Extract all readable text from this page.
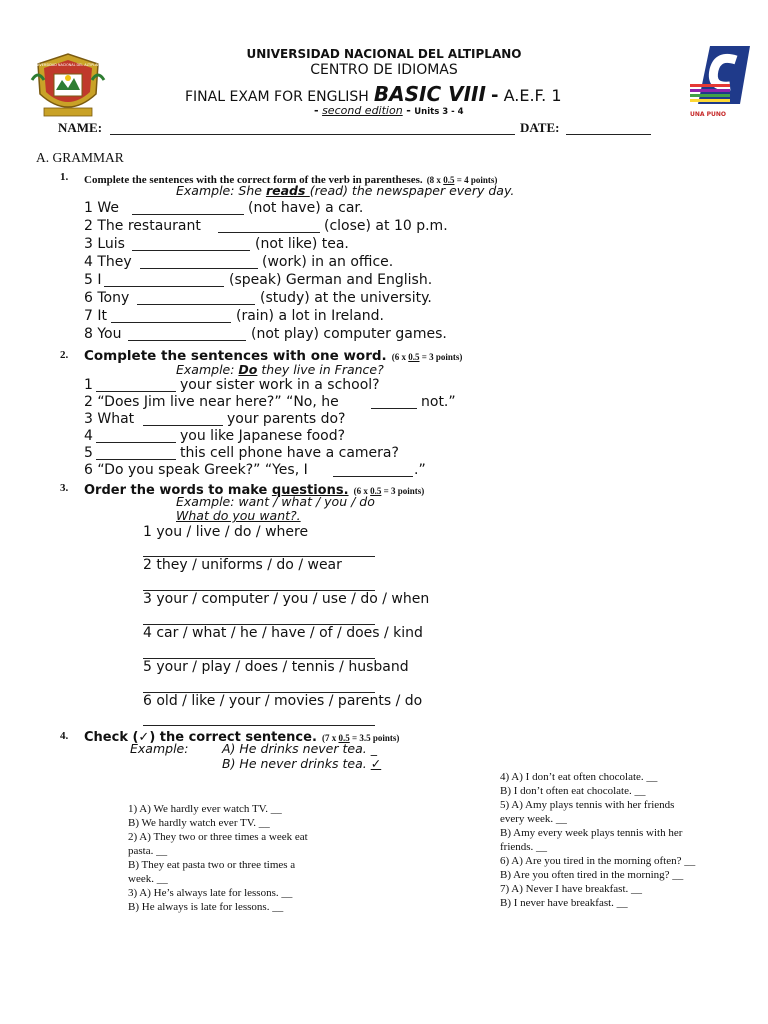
UNIVERSIDAD NACIONAL DEL ALTIPLANO
UNA PUNO
UNIVERSIDAD NACIONAL DEL ALTIPLANO
CENTRO DE IDIOMAS
FINAL EXAM FOR ENGLISH BASIC VIII - A.E.F. 1
- second edition - Units 3 - 4
NAME:	DATE:
A. GRAMMAR
1. Complete the sentences with the correct form of the verb in parentheses. (8 x 0.5 = 4 points)
Example: She reads (read) the newspaper every day.
1 We	(not have) a car.
2 The restaurant	(close) at 10 p.m.
3 Luis	(not like) tea.
4 They	(work) in an office.
5 I	(speak) German and English.
6 Tony	(study) at the university.
7 It	(rain) a lot in Ireland.
8 You	(not play) computer games.
2. Complete the sentences with one word. (6 x 0.5 = 3 points)
Example: Do they live in France?
1	your sister work in a school?
2 “Does Jim live near here?” “No, he	not.”
3 What	your parents do?
4	you like Japanese food?
5	this cell phone have a camera?
6 “Do you speak Greek?” “Yes, I	.”
3. Order the words to make questions. (6 x 0.5 = 3 points)
Example: want / what / you / do
What do you want?.
1 you / live / do / where
2 they / uniforms / do / wear
3 your / computer / you / use / do / when
4 car / what / he / have / of / does / kind
5 your / play / does / tennis / husband
6 old / like / your / movies / parents / do
4. Check (✓) the correct sentence. (7 x 0.5 = 3.5 points)
Example:	A) He drinks never tea. _
B) He never drinks tea. ✓
1) A) We hardly ever watch TV. __
B) We hardly watch ever TV. __
2) A) They two or three times a week eat
pasta. __
B) They eat pasta two or three times a
week. __
3) A) He’s always late for lessons. __
B) He always is late for lessons. __
4) A) I don’t eat often chocolate. __
B) I don’t often eat chocolate. __
5) A) Amy plays tennis with her friends
every week. __
B) Amy every week plays tennis with her
friends. __
6) A) Are you tired in the morning often? __
B) Are you often tired in the morning? __
7) A) Never I have breakfast. __
B) I never have breakfast. __
